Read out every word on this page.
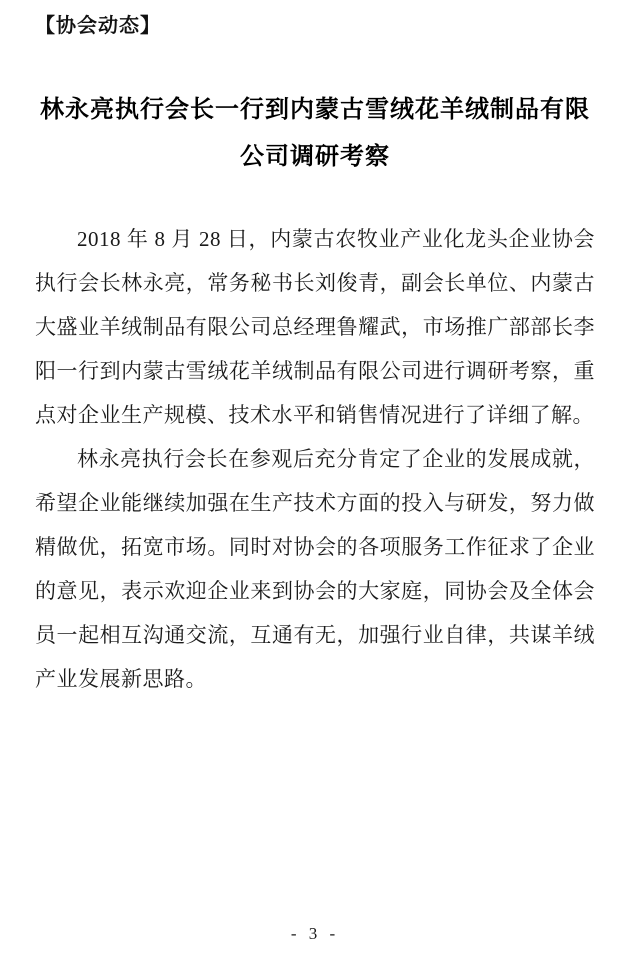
【协会动态】
林永亮执行会长一行到内蒙古雪绒花羊绒制品有限公司调研考察

2018 年 8 月 28 日，内蒙古农牧业产业化龙头企业协会执行会长林永亮，常务秘书长刘俊青，副会长单位、内蒙古大盛业羊绒制品有限公司总经理鲁耀武，市场推广部部长李阳一行到内蒙古雪绒花羊绒制品有限公司进行调研考察，重点对企业生产规模、技术水平和销售情况进行了详细了解。

林永亮执行会长在参观后充分肯定了企业的发展成就，希望企业能继续加强在生产技术方面的投入与研发，努力做精做优，拓宽市场。同时对协会的各项服务工作征求了企业的意见，表示欢迎企业来到协会的大家庭，同协会及全体会员一起相互沟通交流，互通有无，加强行业自律，共谋羊绒产业发展新思路。

- 3 -
